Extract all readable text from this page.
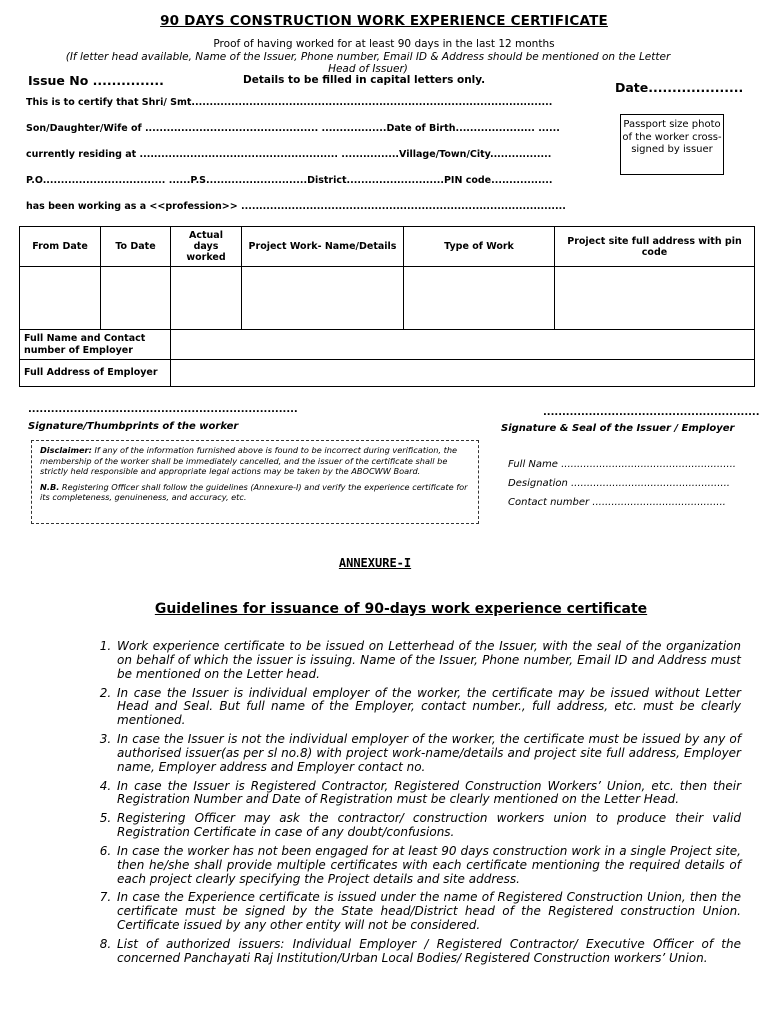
90 DAYS CONSTRUCTION WORK EXPERIENCE CERTIFICATE
Proof of having worked for at least 90 days in the last 12 months
(If letter head available, Name of the Issuer, Phone number, Email ID & Address should be mentioned on the Letter Head of Issuer)
Issue No ...............	Details to be filled in capital letters only.	Date....................
This is to certify that Shri/ Smt....................................................................................................
Son/Daughter/Wife of ................................................ ..................Date of Birth...................... ......
currently residing at ....................................................... ................Village/Town/City.................
P.O.................................. ......P.S............................District...........................PIN code.................
has been working as a <<profession>> ..........................................................................................
Passport size photo of the worker cross-signed by issuer
From Date	To Date	Actual days worked	Project Work- Name/Details	Type of Work	Project site full address with pin code

Full Name and Contact number of Employer					
Full Address of Employer					
.......................................................................
Signature/Thumbprints of the worker
.........................................................
Signature & Seal of the Issuer / Employer

Disclaimer: If any of the information furnished above is found to be incorrect during verification, the membership of the worker shall be immediately cancelled, and the issuer of the certificate shall be strictly held responsible and appropriate legal actions may be taken by the ABOCWW Board.

N.B. Registering Officer shall follow the guidelines (Annexure-I) and verify the experience certificate for its completeness, genuineness, and accuracy, etc.

Full Name .......................................................
Designation ..................................................
Contact number ..........................................
ANNEXURE-I
Guidelines for issuance of 90-days work experience certificate
1. Work experience certificate to be issued on Letterhead of the Issuer, with the seal of the organization on behalf of which the issuer is issuing. Name of the Issuer, Phone number, Email ID and Address must be mentioned on the Letter head.
2. In case the Issuer is individual employer of the worker, the certificate may be issued without Letter Head and Seal. But full name of the Employer, contact number., full address, etc. must be clearly mentioned.
3. In case the Issuer is not the individual employer of the worker, the certificate must be issued by any of authorised issuer(as per sl no.8) with project work-name/details and project site full address, Employer name, Employer address and Employer contact no.
4. In case the Issuer is Registered Contractor, Registered Construction Workers’ Union, etc. then their Registration Number and Date of Registration must be clearly mentioned on the Letter Head.
5. Registering Officer may ask the contractor/ construction workers union to produce their valid Registration Certificate in case of any doubt/confusions.
6. In case the worker has not been engaged for at least 90 days construction work in a single Project site, then he/she shall provide multiple certificates with each certificate mentioning the required details of each project clearly specifying the Project details and site address.
7. In case the Experience certificate is issued under the name of Registered Construction Union, then the certificate must be signed by the State head/District head of the Registered construction Union. Certificate issued by any other entity will not be considered.
8. List of authorized issuers: Individual Employer / Registered Contractor/ Executive Officer of the concerned Panchayati Raj Institution/Urban Local Bodies/ Registered Construction workers’ Union.
